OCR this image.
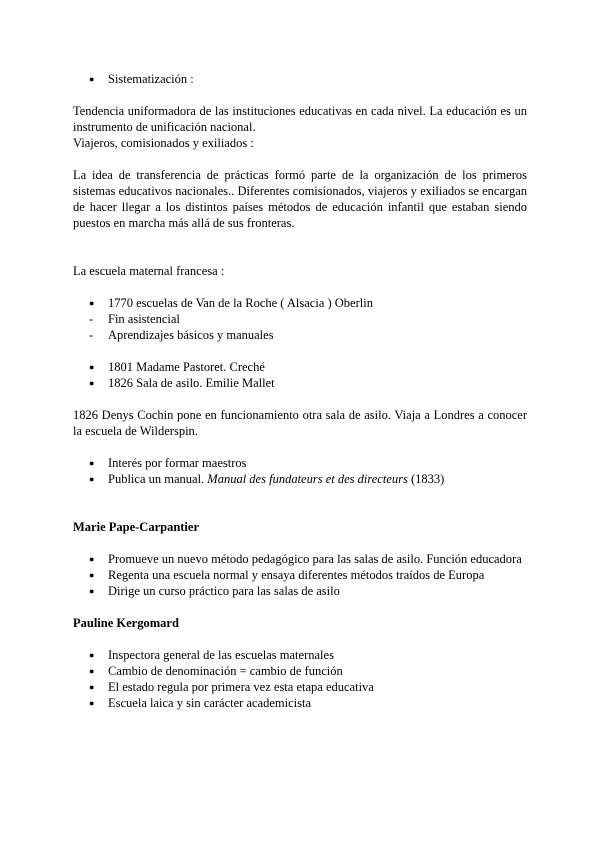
●	Sistematización :

Tendencia uniformadora de las instituciones educativas en cada nivel. La educación es un instrumento de unificación nacional.

Viajeros, comisionados y exiliados :

La idea de transferencia de prácticas formó parte de la organización de los primeros sistemas educativos nacionales.. Diferentes comisionados, viajeros y exiliados se encargan de hacer llegar a los distintos países métodos de educación infantil que estaban siendo puestos en marcha más allá de sus fronteras.

La escuela maternal francesa :

●	1770 escuelas de Van de la Roche ( Alsacia ) Oberlin
-	Fin asistencial
-	Aprendizajes básicos y manuales
●	1801 Madame Pastoret. Creché
●	1826 Sala de asilo. Emilie Mallet

1826 Denys Cochin pone en funcionamiento otra sala de asilo. Viaja a Londres a conocer la escuela de Wilderspin.

●	Interés por formar maestros
●	Publica un manual. Manual des fundateurs et des directeurs (1833)

Marie Pape-Carpantier

●	Promueve un nuevo método pedagógico para las salas de asilo. Función educadora
●	Regenta una escuela normal y ensaya diferentes métodos traídos de Europa
●	Dirige un curso práctico para las salas de asilo

Pauline Kergomard

●	Inspectora general de las escuelas maternales
●	Cambio de denominación = cambio de función
●	El estado regula por primera vez esta etapa educativa
●	Escuela laica y sin carácter academicista
